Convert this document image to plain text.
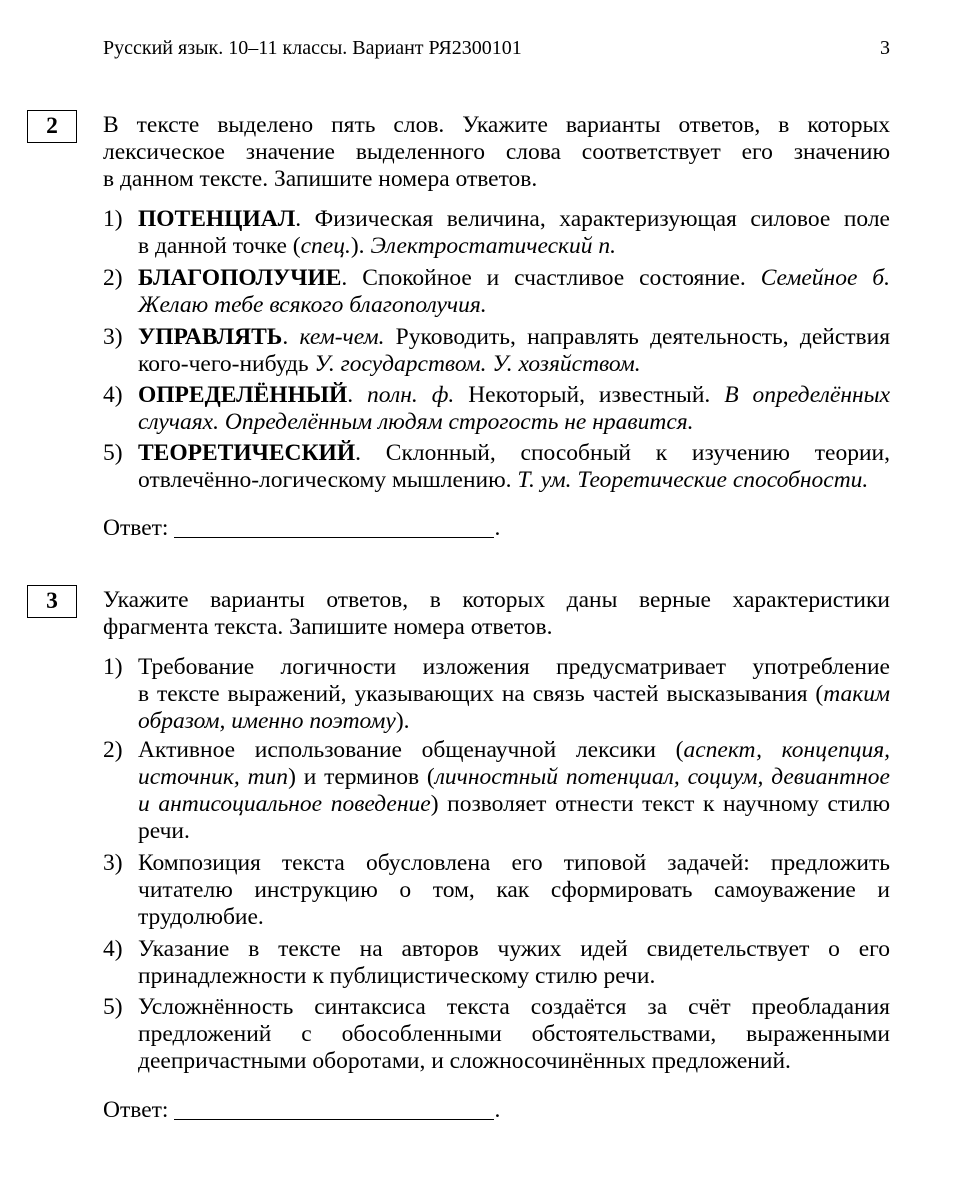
Русский язык. 10–11 классы. Вариант РЯ2300101	3
2	В тексте выделено пять слов. Укажите варианты ответов, в которых
лексическое значение выделенного слова соответствует его значению
в данном тексте. Запишите номера ответов.
1) ПОТЕНЦИАЛ. Физическая величина, характеризующая силовое поле
в данной точке (спец.). Электростатический п.
2) БЛАГОПОЛУЧИЕ. Спокойное и счастливое состояние. Семейное б.
Желаю тебе всякого благополучия.
3) УПРАВЛЯТЬ. кем-чем. Руководить, направлять деятельность, действия
кого-чего-нибудь У. государством. У. хозяйством.
4) ОПРЕДЕЛЁННЫЙ. полн. ф. Некоторый, известный. В определённых
случаях. Определённым людям строгость не нравится.
5) ТЕОРЕТИЧЕСКИЙ. Склонный, способный к изучению теории,
отвлечённо-логическому мышлению. Т. ум. Теоретические способности.
Ответ:	.
3	Укажите варианты ответов, в которых даны верные характеристики
фрагмента текста. Запишите номера ответов.
1) Требование логичности изложения предусматривает употребление
в тексте выражений, указывающих на связь частей высказывания (таким
образом, именно поэтому).
2) Активное использование общенаучной лексики (аспект, концепция,
источник, тип) и терминов (личностный потенциал, социум, девиантное
и антисоциальное поведение) позволяет отнести текст к научному стилю
речи.
3) Композиция текста обусловлена его типовой задачей: предложить
читателю инструкцию о том, как сформировать самоуважение и
трудолюбие.
4) Указание в тексте на авторов чужих идей свидетельствует о его
принадлежности к публицистическому стилю речи.
5) Усложнённость синтаксиса текста создаётся за счёт преобладания
предложений с обособленными обстоятельствами, выраженными
деепричастными оборотами, и сложносочинённых предложений.
Ответ:	.
